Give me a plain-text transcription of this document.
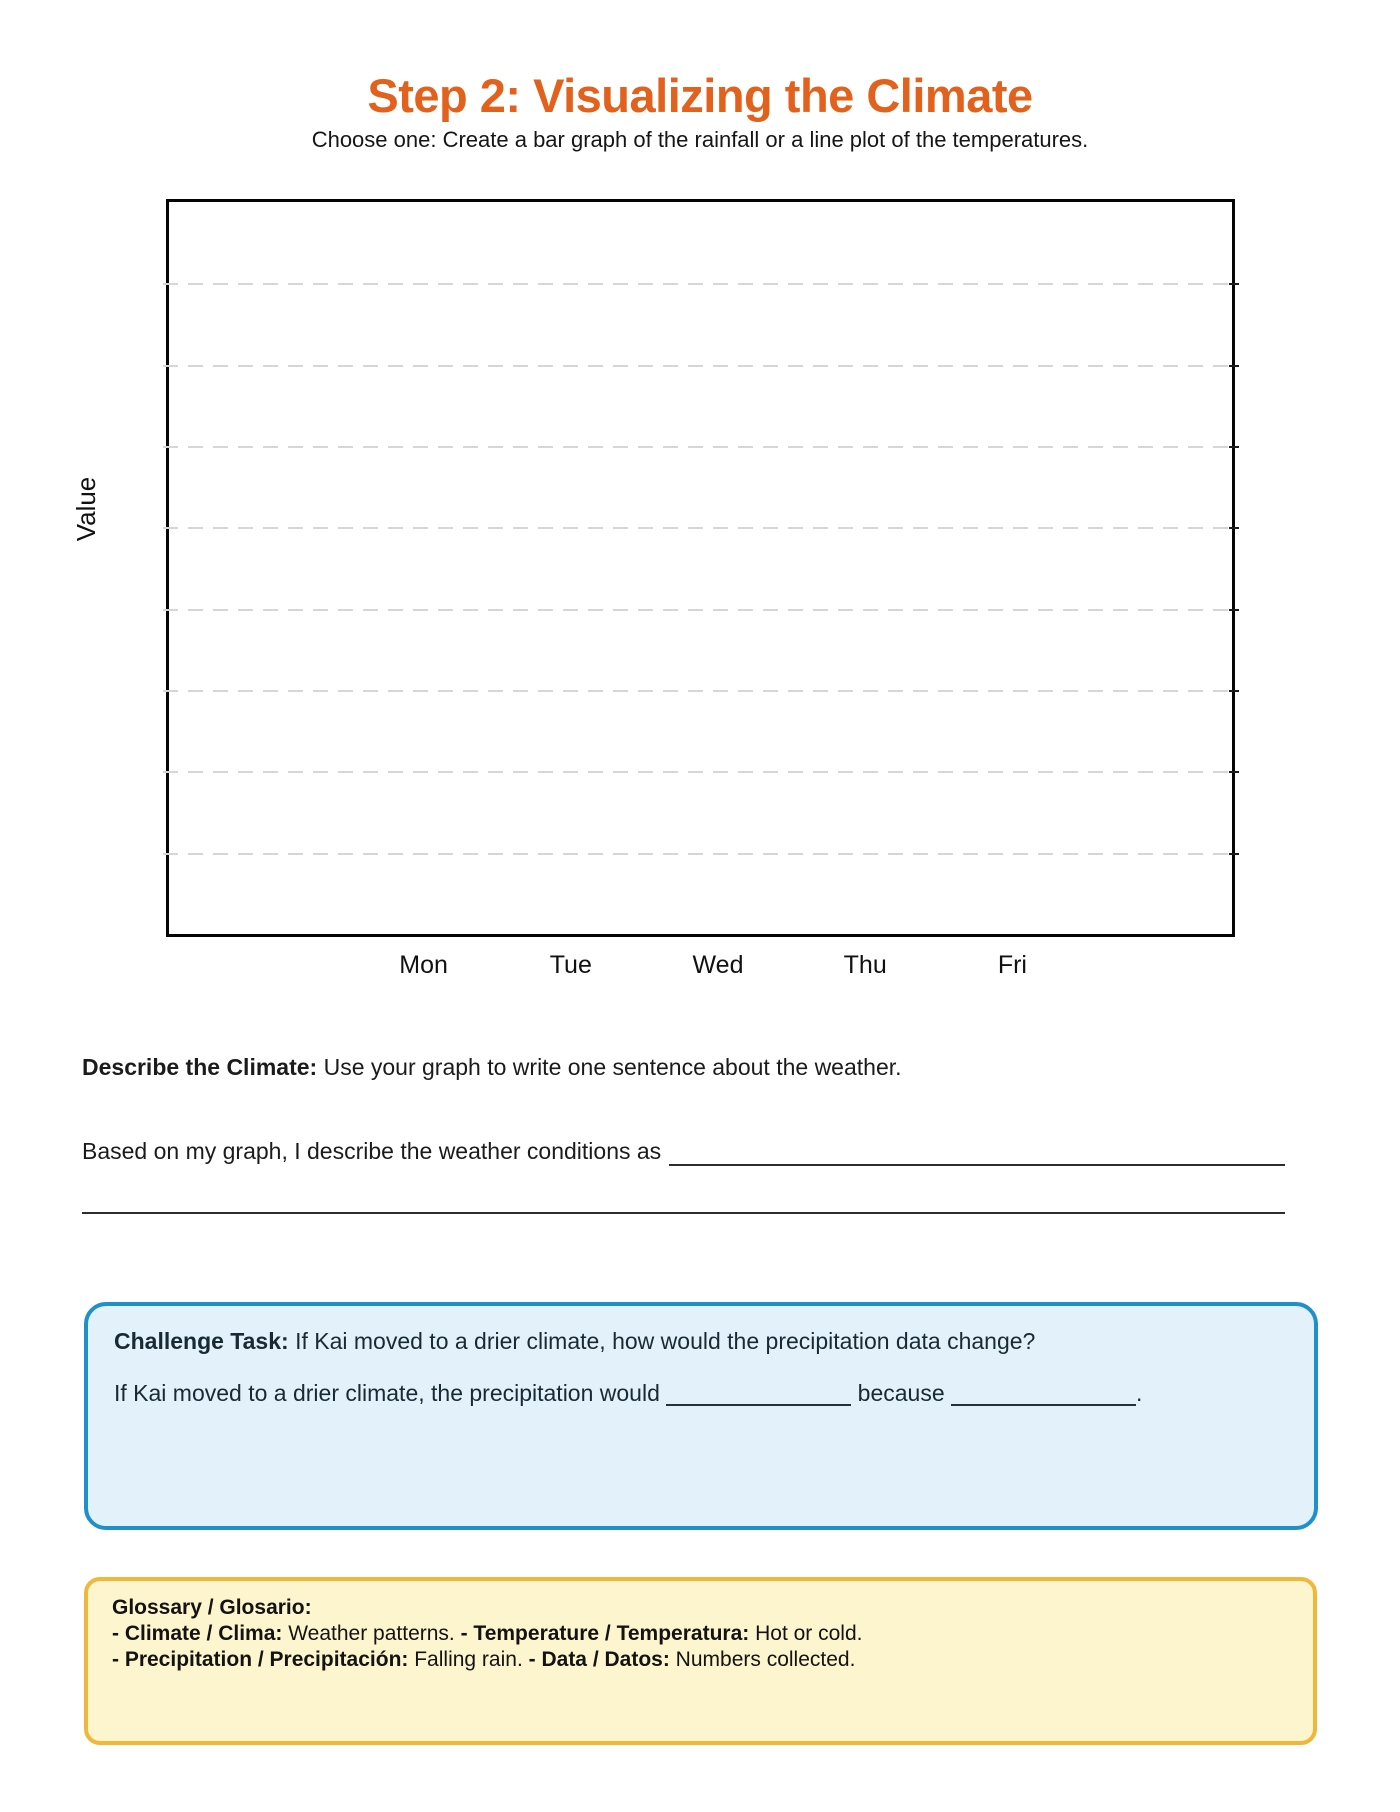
Step 2: Visualizing the Climate

Choose one: Create a bar graph of the rainfall or a line plot of the temperatures.

Value
Mon	Tue	Wed	Thu	Fri

Describe the Climate: Use your graph to write one sentence about the weather.

Based on my graph, I describe the weather conditions as

Challenge Task: If Kai moved to a drier climate, how would the precipitation data change?

If Kai moved to a drier climate, the precipitation would	because	.

Glossary / Glosario:

- Climate / Clima: Weather patterns. - Temperature / Temperatura: Hot or cold.

- Precipitation / Precipitación: Falling rain. - Data / Datos: Numbers collected.
